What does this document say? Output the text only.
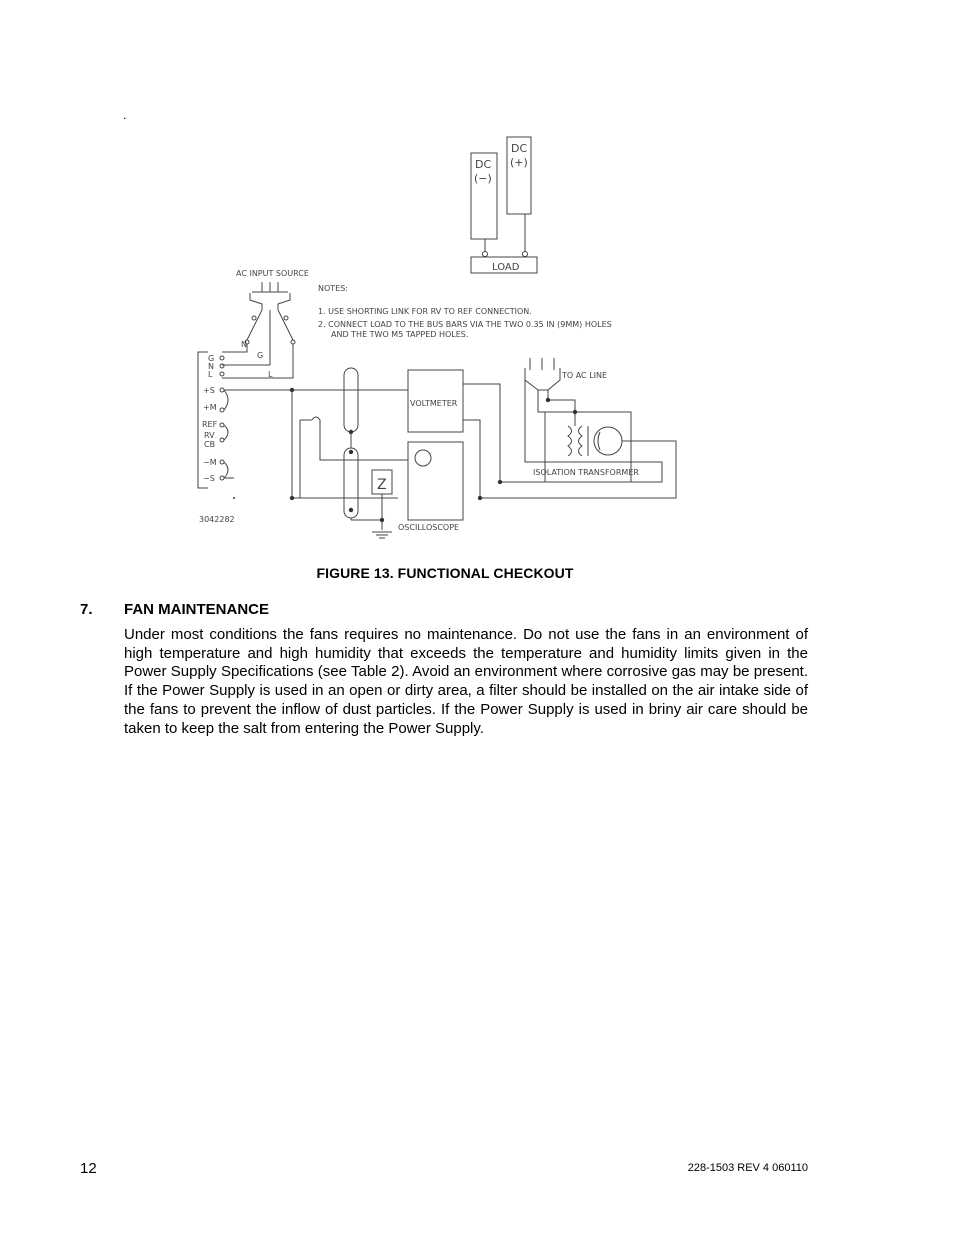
.
DC
(−)
DC
(+)
LOAD
AC INPUT SOURCE
NOTES:
1. USE SHORTING LINK FOR RV TO REF CONNECTION.
2. CONNECT LOAD TO THE BUS BARS VIA THE TWO 0.35 IN (9MM) HOLES
AND THE TWO M5 TAPPED HOLES.
N
G
L
G
N
L
+S
+M
REF
RV
CB
−M
−S
VOLTMETER
OSCILLOSCOPE
Z
TO AC LINE
ISOLATION TRANSFORMER
3042282
FIGURE 13. FUNCTIONAL CHECKOUT
7. FAN MAINTENANCE

Under most conditions the fans requires no maintenance. Do not use the fans in an environment of high temperature and high humidity that exceeds the temperature and humidity limits given in the Power Supply Specifications (see Table 2). Avoid an environment where corrosive gas may be present. If the Power Supply is used in an open or dirty area, a filter should be installed on the air intake side of the fans to prevent the inflow of dust particles. If the Power Supply is used in briny air care should be taken to keep the salt from entering the Power Supply.

12	228-1503 REV 4 060110
